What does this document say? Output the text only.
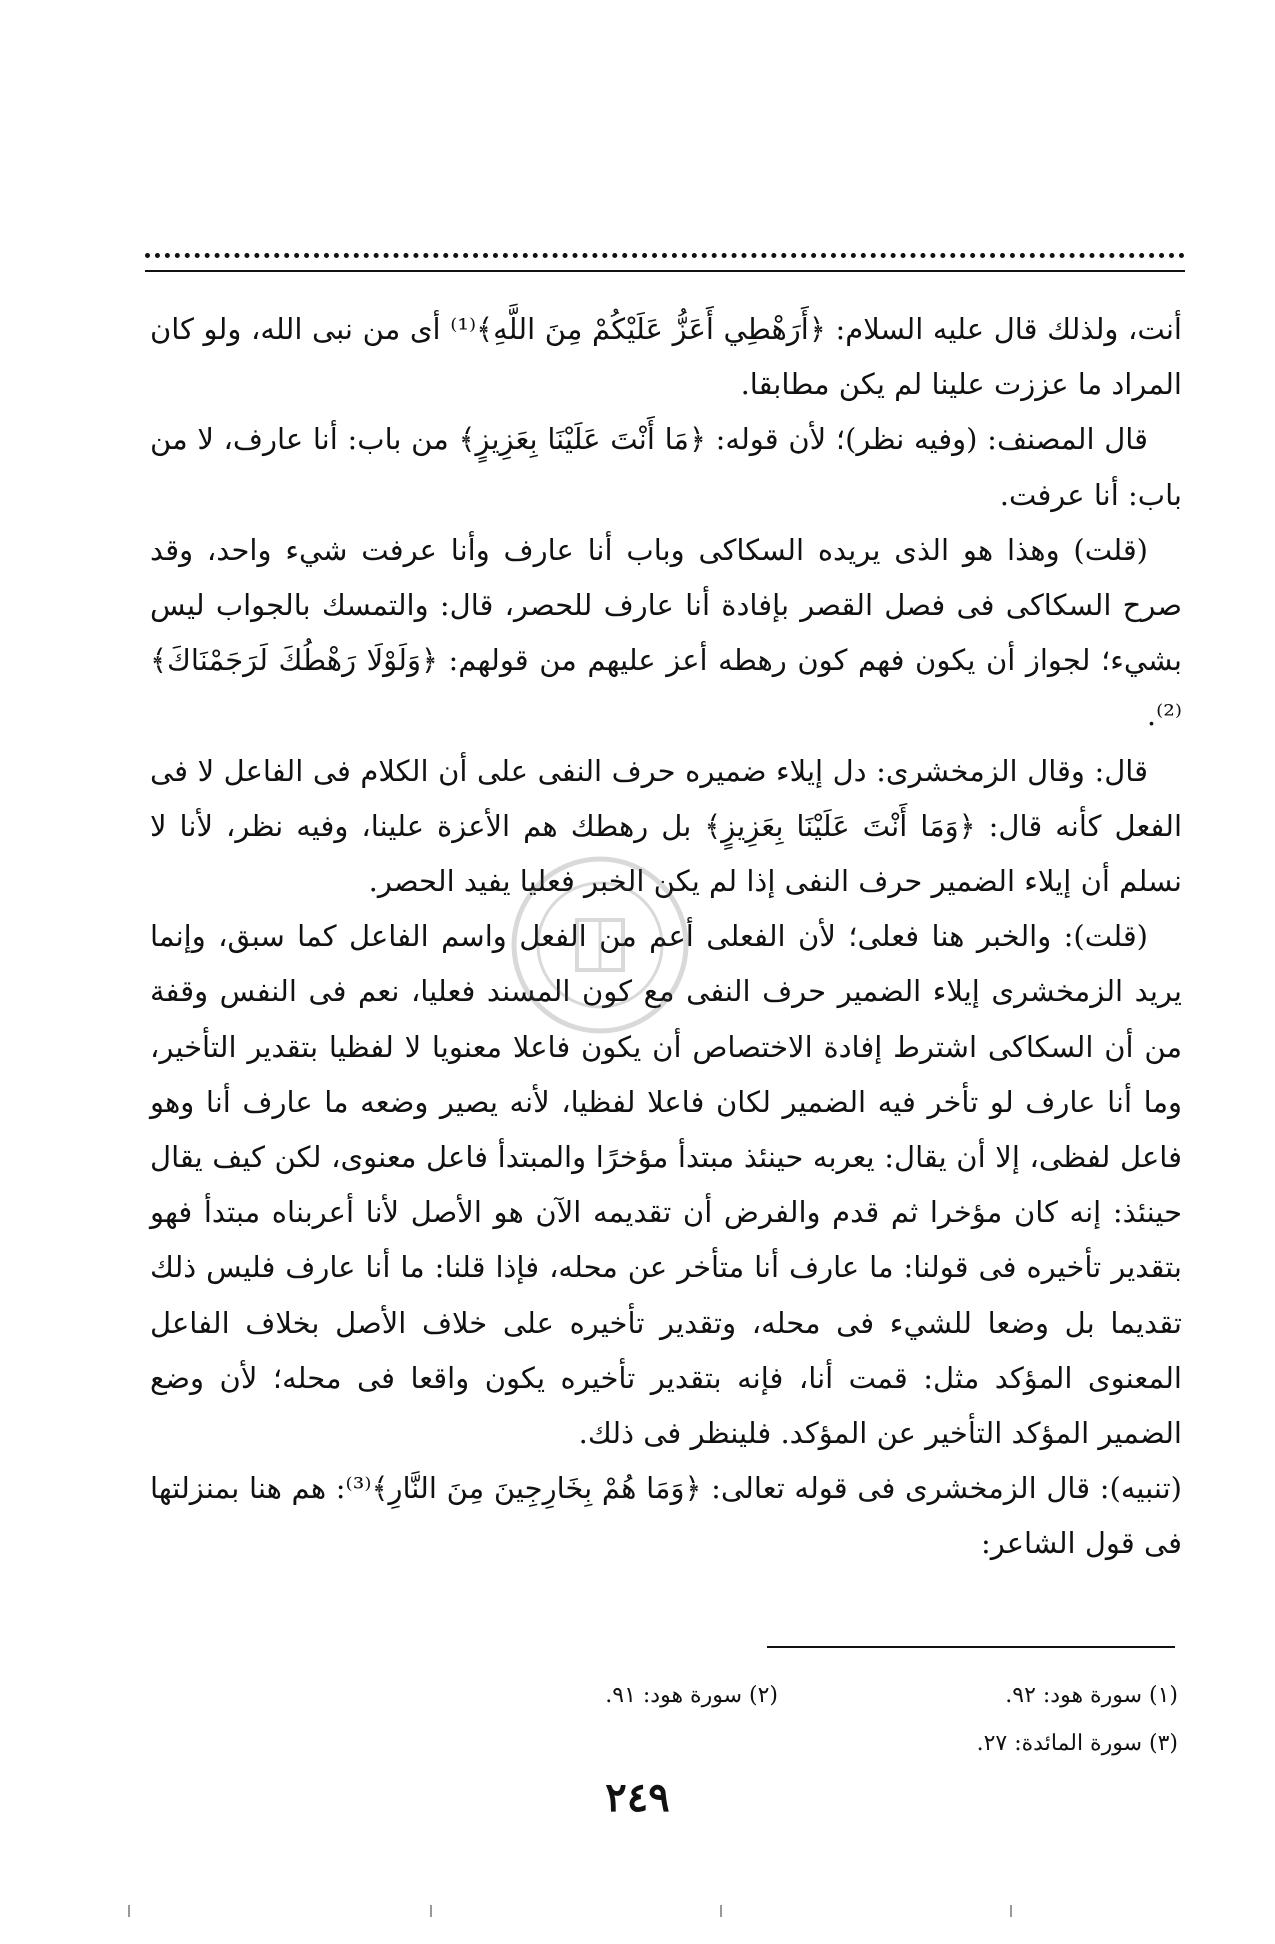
أنت، ولذلك قال عليه السلام: ﴿أَرَهْطِي أَعَزُّ عَلَيْكُمْ مِنَ اللَّهِ﴾⁽¹⁾ أى من نبى الله، ولو كان المراد ما عززت علينا لم يكن مطابقا.

قال المصنف: (وفيه نظر)؛ لأن قوله: ﴿مَا أَنْتَ عَلَيْنَا بِعَزِيزٍ﴾ من باب: أنا عارف، لا من باب: أنا عرفت.

(قلت) وهذا هو الذى يريده السكاكى وباب أنا عارف وأنا عرفت شيء واحد، وقد صرح السكاكى فى فصل القصر بإفادة أنا عارف للحصر، قال: والتمسك بالجواب ليس بشيء؛ لجواز أن يكون فهم كون رهطه أعز عليهم من قولهم: ﴿وَلَوْلَا رَهْطُكَ لَرَجَمْنَاكَ﴾⁽²⁾.

قال: وقال الزمخشرى: دل إيلاء ضميره حرف النفى على أن الكلام فى الفاعل لا فى الفعل كأنه قال: ﴿وَمَا أَنْتَ عَلَيْنَا بِعَزِيزٍ﴾ بل رهطك هم الأعزة علينا، وفيه نظر، لأنا لا نسلم أن إيلاء الضمير حرف النفى إذا لم يكن الخبر فعليا يفيد الحصر.

(قلت): والخبر هنا فعلى؛ لأن الفعلى أعم من الفعل واسم الفاعل كما سبق، وإنما يريد الزمخشرى إيلاء الضمير حرف النفى مع كون المسند فعليا، نعم فى النفس وقفة من أن السكاكى اشترط إفادة الاختصاص أن يكون فاعلا معنويا لا لفظيا بتقدير التأخير، وما أنا عارف لو تأخر فيه الضمير لكان فاعلا لفظيا، لأنه يصير وضعه ما عارف أنا وهو فاعل لفظى، إلا أن يقال: يعربه حينئذ مبتدأ مؤخرًا والمبتدأ فاعل معنوى، لكن كيف يقال حينئذ: إنه كان مؤخرا ثم قدم والفرض أن تقديمه الآن هو الأصل لأنا أعربناه مبتدأ فهو بتقدير تأخيره فى قولنا: ما عارف أنا متأخر عن محله، فإذا قلنا: ما أنا عارف فليس ذلك تقديما بل وضعا للشيء فى محله، وتقدير تأخيره على خلاف الأصل بخلاف الفاعل المعنوى المؤكد مثل: قمت أنا، فإنه بتقدير تأخيره يكون واقعا فى محله؛ لأن وضع الضمير المؤكد التأخير عن المؤكد. فلينظر فى ذلك.

(تنبيه): قال الزمخشرى فى قوله تعالى: ﴿وَمَا هُمْ بِخَارِجِينَ مِنَ النَّارِ﴾⁽³⁾: هم هنا بمنزلتها فى قول الشاعر:

(١) سورة هود: ٩٢.
(٢) سورة هود: ٩١.
(٣) سورة المائدة: ٢٧.
٢٤٩
